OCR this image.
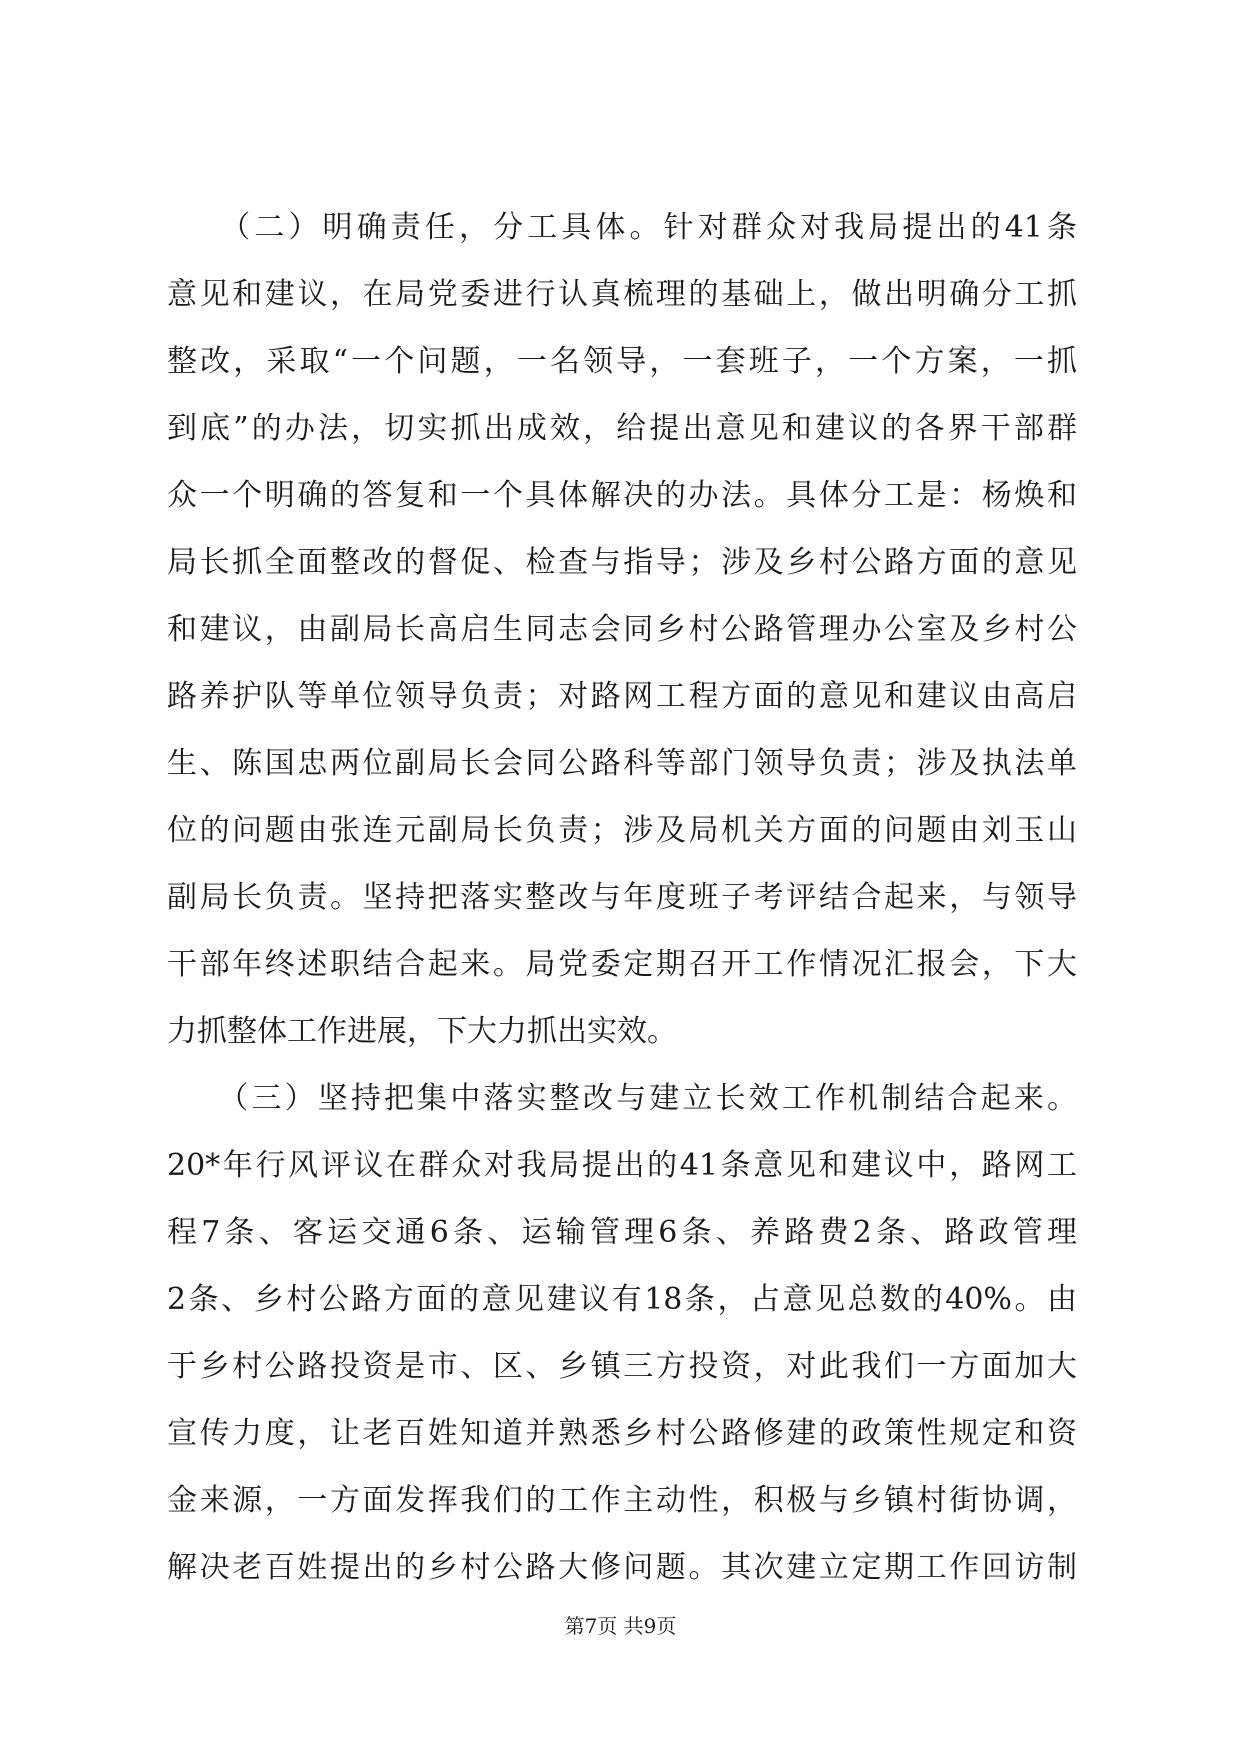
　　（二）明确责任，分工具体。针对群众对我局提出的41条
意见和建议，在局党委进行认真梳理的基础上，做出明确分工抓
整改，采取“一个问题，一名领导，一套班子，一个方案，一抓
到底”的办法，切实抓出成效，给提出意见和建议的各界干部群
众一个明确的答复和一个具体解决的办法。具体分工是：杨焕和
局长抓全面整改的督促、检查与指导；涉及乡村公路方面的意见
和建议，由副局长高启生同志会同乡村公路管理办公室及乡村公
路养护队等单位领导负责；对路网工程方面的意见和建议由高启
生、陈国忠两位副局长会同公路科等部门领导负责；涉及执法单
位的问题由张连元副局长负责；涉及局机关方面的问题由刘玉山
副局长负责。坚持把落实整改与年度班子考评结合起来，与领导
干部年终述职结合起来。局党委定期召开工作情况汇报会，下大
力抓整体工作进展，下大力抓出实效。
　　（三）坚持把集中落实整改与建立长效工作机制结合起来。
20*年行风评议在群众对我局提出的41条意见和建议中，路网工
程7条、客运交通6条、运输管理6条、养路费2条、路政管理
2条、乡村公路方面的意见建议有18条，占意见总数的40%。由
于乡村公路投资是市、区、乡镇三方投资，对此我们一方面加大
宣传力度，让老百姓知道并熟悉乡村公路修建的政策性规定和资
金来源，一方面发挥我们的工作主动性，积极与乡镇村街协调，
解决老百姓提出的乡村公路大修问题。其次建立定期工作回访制
第7页 共9页
